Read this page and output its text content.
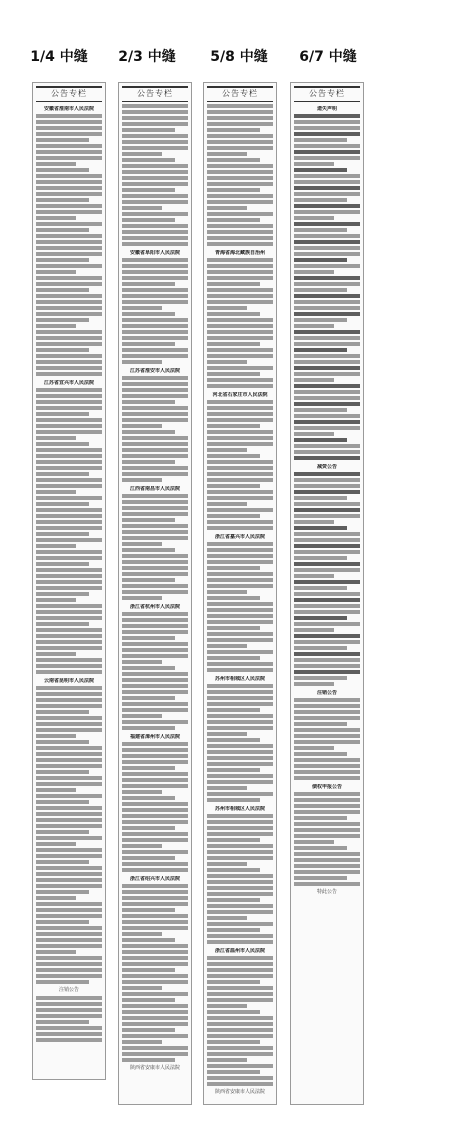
1/4 中缝	2/3 中缝	5/8 中缝	6/7 中缝
公告专栏
安徽省淮南市人民法院
江苏省宜兴市人民法院
云南省昆明市人民法院
注销公告
公告专栏
安徽省阜阳市人民法院
江苏省淮安市人民法院
江西省南昌市人民法院
浙江省杭州市人民法院
福建省漳州市人民法院
浙江省绍兴市人民法院
陕西省安康市人民法院
公告专栏
青海省海北藏族自治州
河北省石家庄市人民法院
浙江省嘉兴市人民法院
苏州市相城区人民法院
苏州市相城区人民法院
浙江省温州市人民法院
陕西省安康市人民法院
公告专栏
遗失声明
减资公告
注销公告
债权申报公告
特此公告
